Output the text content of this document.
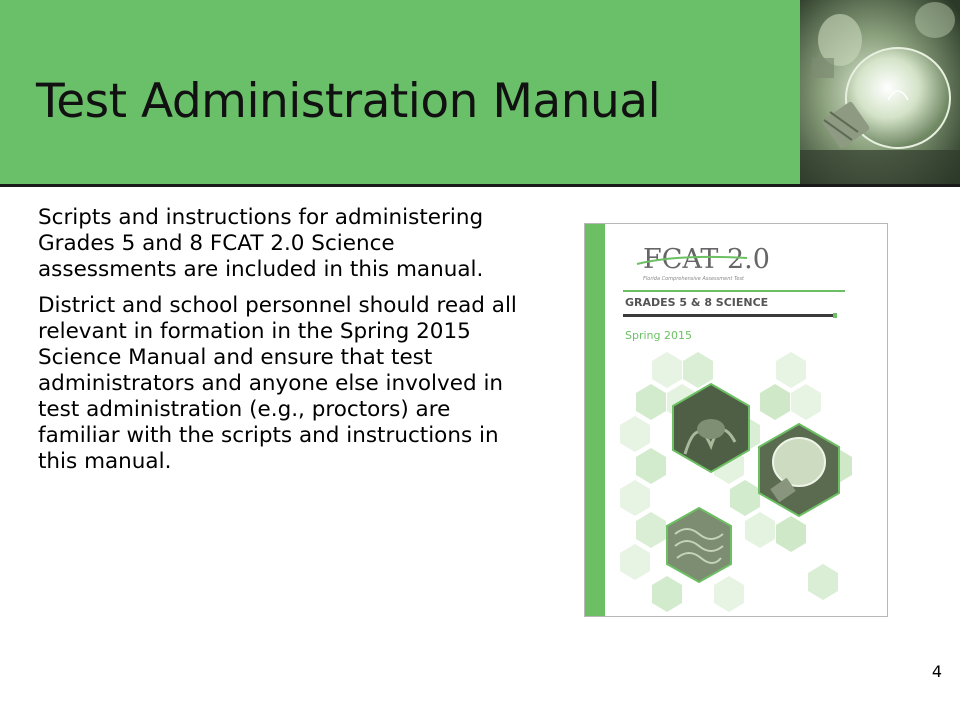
Test Administration Manual

Scripts and instructions for administering Grades 5 and 8 FCAT 2.0 Science assessments are included in this manual.

District and school personnel should read all relevant in formation in the Spring 2015 Science Manual and ensure that test administrators and anyone else involved in test administration (e.g., proctors) are familiar with the scripts and instructions in this manual.

FCAT 2.0
Florida Comprehensive Assessment Test
GRADES 5 & 8 SCIENCE
Spring 2015
4
